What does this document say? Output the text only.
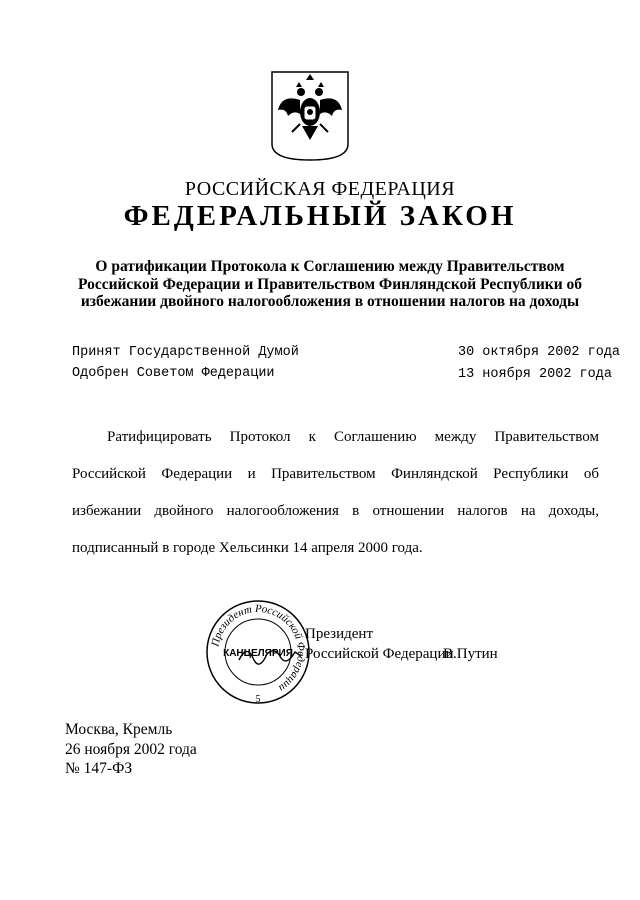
РОССИЙСКАЯ ФЕДЕРАЦИЯ
ФЕДЕРАЛЬНЫЙ ЗАКОН
О ратификации Протокола к Соглашению между Правительством
Российской Федерации и Правительством Финляндской Республики об
избежании двойного налогообложения в отношении налогов на доходы
Принят Государственной Думой
Одобрен Советом Федерации
30 октября 2002 года
13 ноября 2002 года
Ратифицировать Протокол к Соглашению между Правительством
Российской Федерации и Правительством Финляндской Республики об
избежании двойного налогообложения в отношении налогов на доходы,
подписанный в городе Хельсинки 14 апреля 2000 года.
Президент Российской Федерации
КАНЦЕЛЯРИЯ
5
Президент
Российской Федерации
В.Путин
Москва, Кремль
26 ноября 2002 года
№ 147-ФЗ
